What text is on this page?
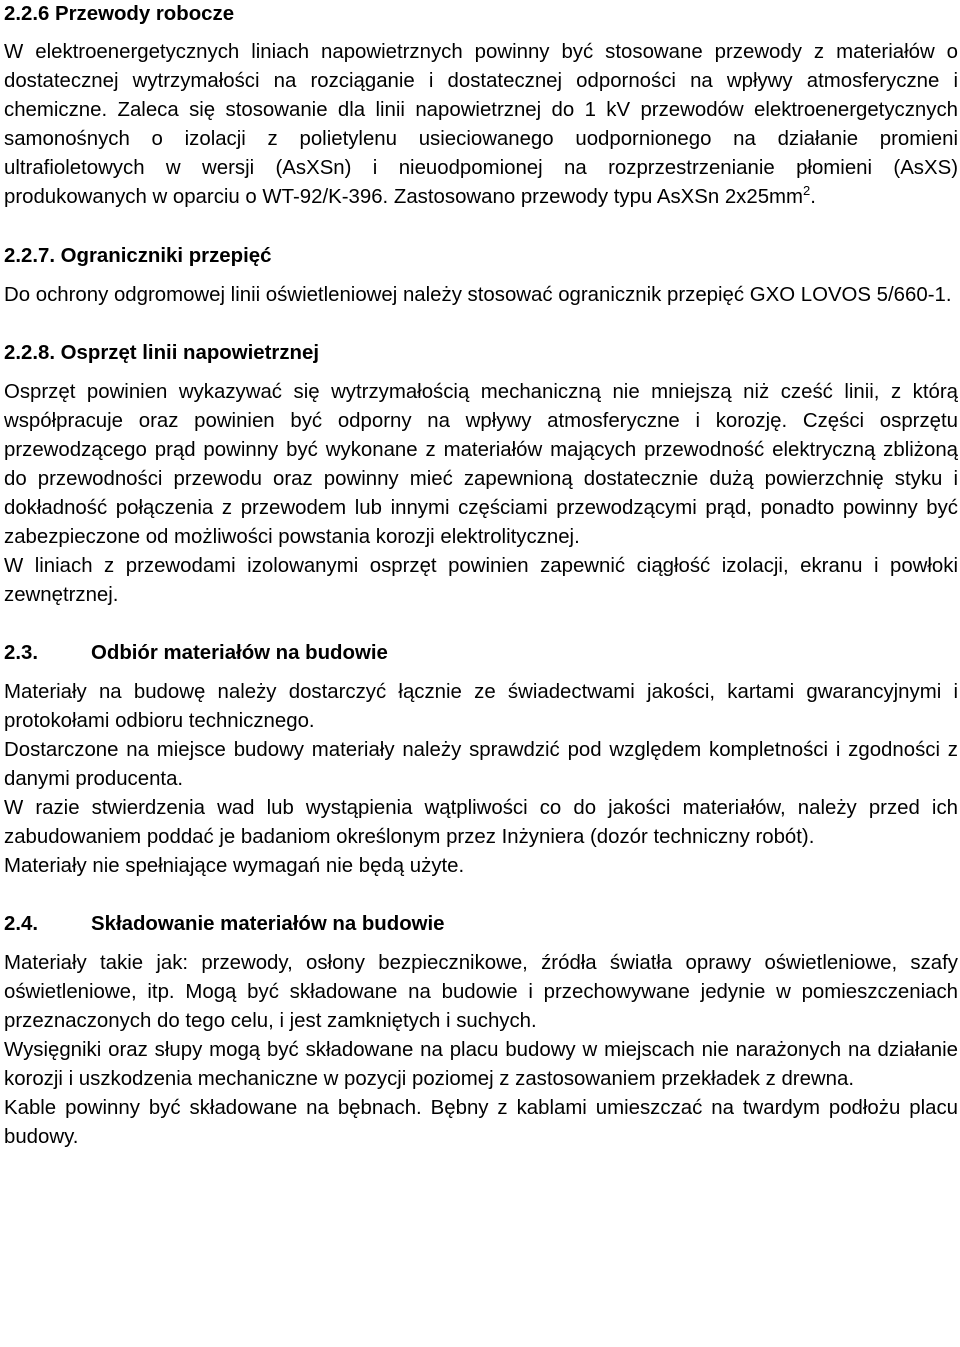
2.2.6 Przewody robocze

W elektroenergetycznych liniach napowietrznych powinny być stosowane przewody z materiałów o dostatecznej wytrzymałości na rozciąganie i dostatecznej odporności na wpływy atmosferyczne i chemiczne. Zaleca się stosowanie dla linii napowietrznej do 1 kV przewodów elektroenergetycznych samonośnych o izolacji z polietylenu usieciowanego uodpornionego na działanie promieni ultrafioletowych w wersji (AsXSn) i nieuodpomionej na rozprzestrzenianie płomieni (AsXS) produkowanych w oparciu o WT-92/K-396. Zastosowano przewody typu AsXSn $2x25mm^2$.

2.2.7. Ograniczniki przepięć

Do ochrony odgromowej linii oświetleniowej należy stosować ogranicznik przepięć GXO LOVOS 5/660-1.

2.2.8. Osprzęt linii napowietrznej

Osprzęt powinien wykazywać się wytrzymałością mechaniczną nie mniejszą niż cześć linii, z którą współpracuje oraz powinien być odporny na wpływy atmosferyczne i korozję. Części osprzętu przewodzącego prąd powinny być wykonane z materiałów mających przewodność elektryczną zbliżoną do przewodności przewodu oraz powinny mieć zapewnioną dostatecznie dużą powierzchnię styku i dokładność połączenia z przewodem lub innymi częściami przewodzącymi prąd, ponadto powinny być zabezpieczone od możliwości powstania korozji elektrolitycznej.

W liniach z przewodami izolowanymi osprzęt powinien zapewnić ciągłość izolacji, ekranu i powłoki zewnętrznej.

2.3.	Odbiór materiałów na budowie

Materiały na budowę należy dostarczyć łącznie ze świadectwami jakości, kartami gwarancyjnymi i protokołami odbioru technicznego.

Dostarczone na miejsce budowy materiały należy sprawdzić pod względem kompletności i zgodności z danymi producenta.

W razie stwierdzenia wad lub wystąpienia wątpliwości co do jakości materiałów, należy przed ich zabudowaniem poddać je badaniom określonym przez Inżyniera (dozór techniczny robót).

Materiały nie spełniające wymagań nie będą użyte.

2.4.	Składowanie materiałów na budowie

Materiały takie jak: przewody, osłony bezpiecznikowe, źródła światła oprawy oświetleniowe, szafy oświetleniowe, itp. Mogą być składowane na budowie i przechowywane jedynie w pomieszczeniach przeznaczonych do tego celu, i jest zamkniętych i suchych.

Wysięgniki oraz słupy mogą być składowane na placu budowy w miejscach nie narażonych na działanie korozji i uszkodzenia mechaniczne w pozycji poziomej z zastosowaniem przekładek z drewna.

Kable powinny być składowane na bębnach. Bębny z kablami umieszczać na twardym podłożu placu budowy.
